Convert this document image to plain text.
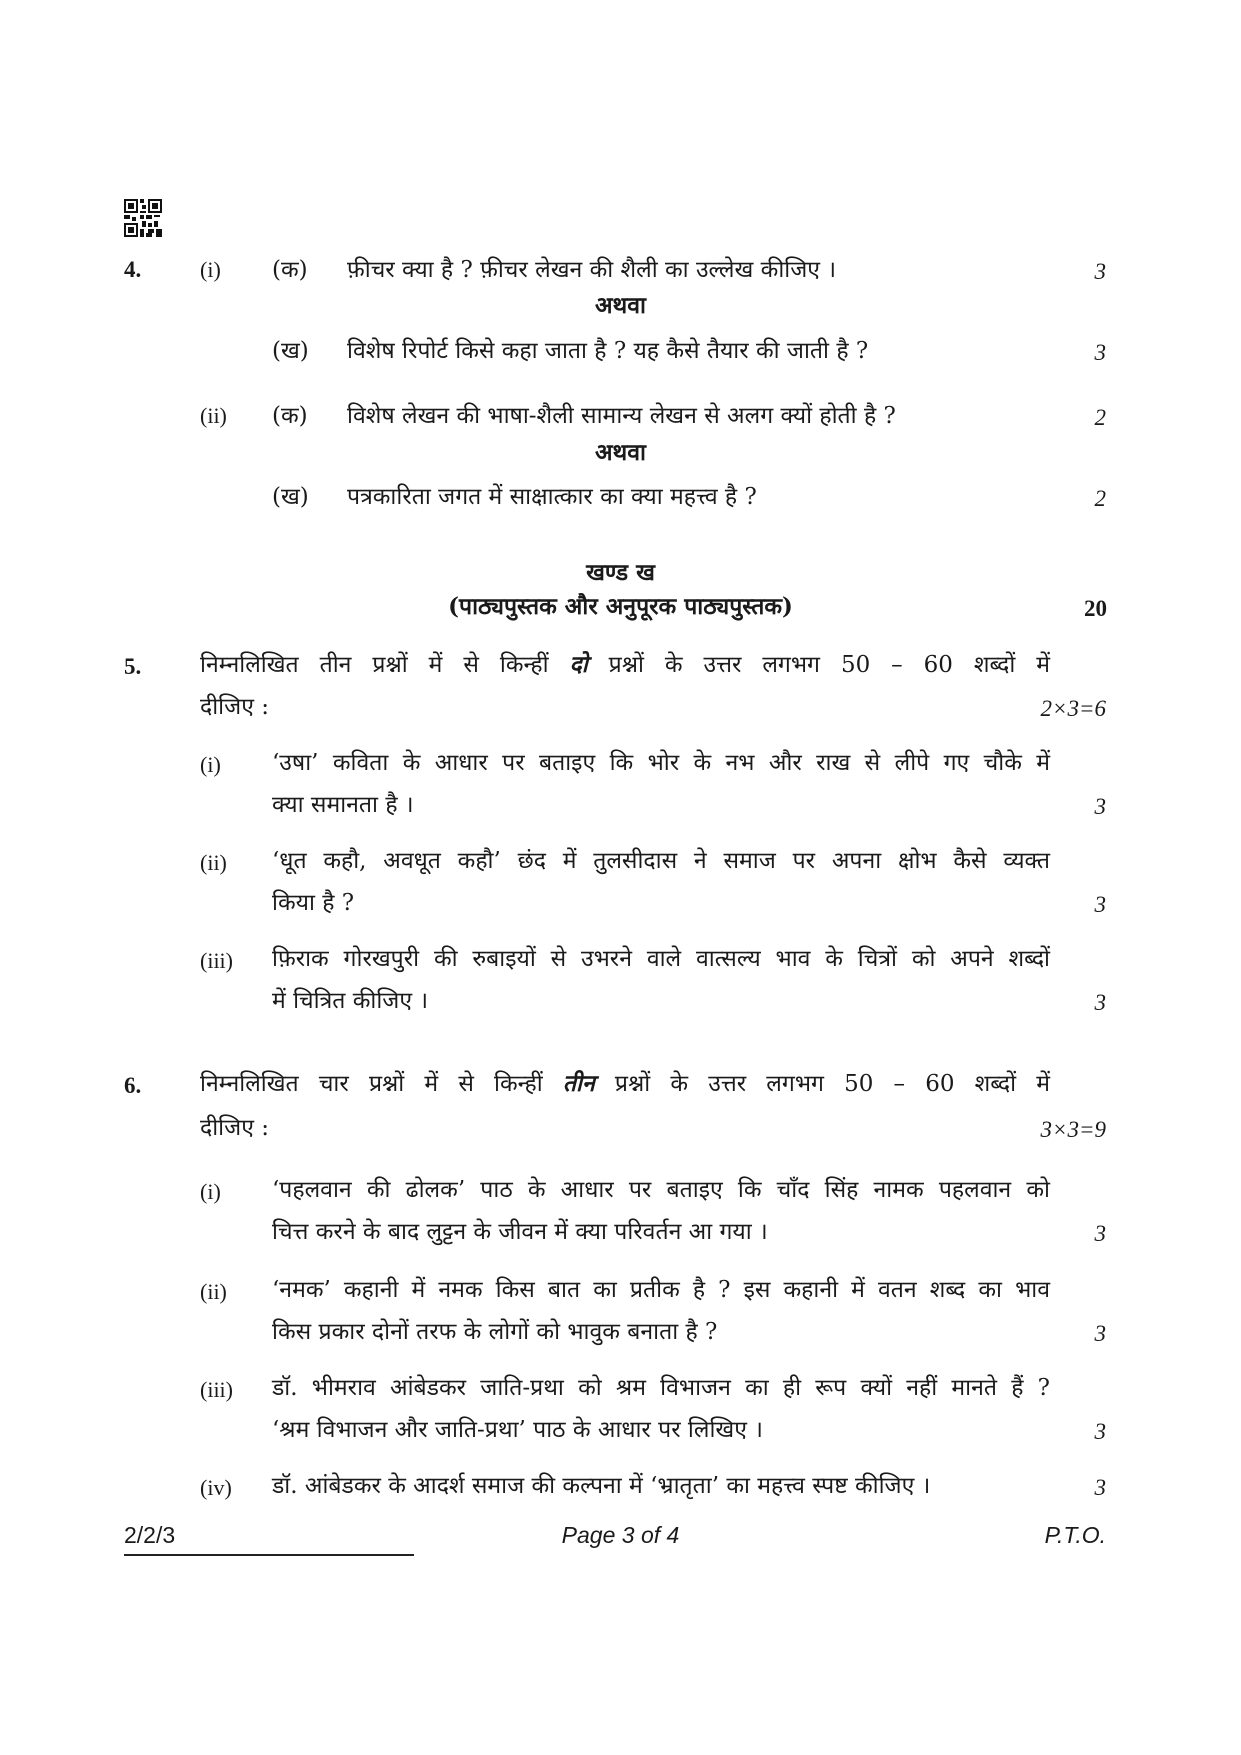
4.	(i) (क) फ़ीचर क्या है ? फ़ीचर लेखन की शैली का उल्लेख कीजिए ।	3
अथवा
(ख) विशेष रिपोर्ट किसे कहा जाता है ? यह कैसे तैयार की जाती है ?	3
(ii) (क) विशेष लेखन की भाषा-शैली सामान्य लेखन से अलग क्यों होती है ?	2
अथवा
(ख) पत्रकारिता जगत में साक्षात्कार का क्या महत्त्व है ?	2
खण्ड ख
(पाठ्यपुस्तक और अनुपूरक पाठ्यपुस्तक)	20
5.	निम्नलिखित तीन प्रश्नों में से किन्हीं दो प्रश्नों के उत्तर लगभग 50 – 60 शब्दों में
दीजिए :	2×3=6
(i) ‘उषा’ कविता के आधार पर बताइए कि भोर के नभ और राख से लीपे गए चौके में
क्या समानता है ।	3
(ii) ‘धूत कहौ, अवधूत कहौ’ छंद में तुलसीदास ने समाज पर अपना क्षोभ कैसे व्यक्त
किया है ?	3
(iii) फ़िराक गोरखपुरी की रुबाइयों से उभरने वाले वात्सल्य भाव के चित्रों को अपने शब्दों
में चित्रित कीजिए ।	3
6.	निम्नलिखित चार प्रश्नों में से किन्हीं तीन प्रश्नों के उत्तर लगभग 50 – 60 शब्दों में
दीजिए :	3×3=9
(i) ‘पहलवान की ढोलक’ पाठ के आधार पर बताइए कि चाँद सिंह नामक पहलवान को
चित्त करने के बाद लुट्टन के जीवन में क्या परिवर्तन आ गया ।	3
(ii) ‘नमक’ कहानी में नमक किस बात का प्रतीक है ? इस कहानी में वतन शब्द का भाव
किस प्रकार दोनों तरफ के लोगों को भावुक बनाता है ?	3
(iii) डॉ. भीमराव आंबेडकर जाति-प्रथा को श्रम विभाजन का ही रूप क्यों नहीं मानते हैं ?
‘श्रम विभाजन और जाति-प्रथा’ पाठ के आधार पर लिखिए ।	3
(iv) डॉ. आंबेडकर के आदर्श समाज की कल्पना में ‘भ्रातृता’ का महत्त्व स्पष्ट कीजिए ।	3
2/2/3	Page 3 of 4	P.T.O.
